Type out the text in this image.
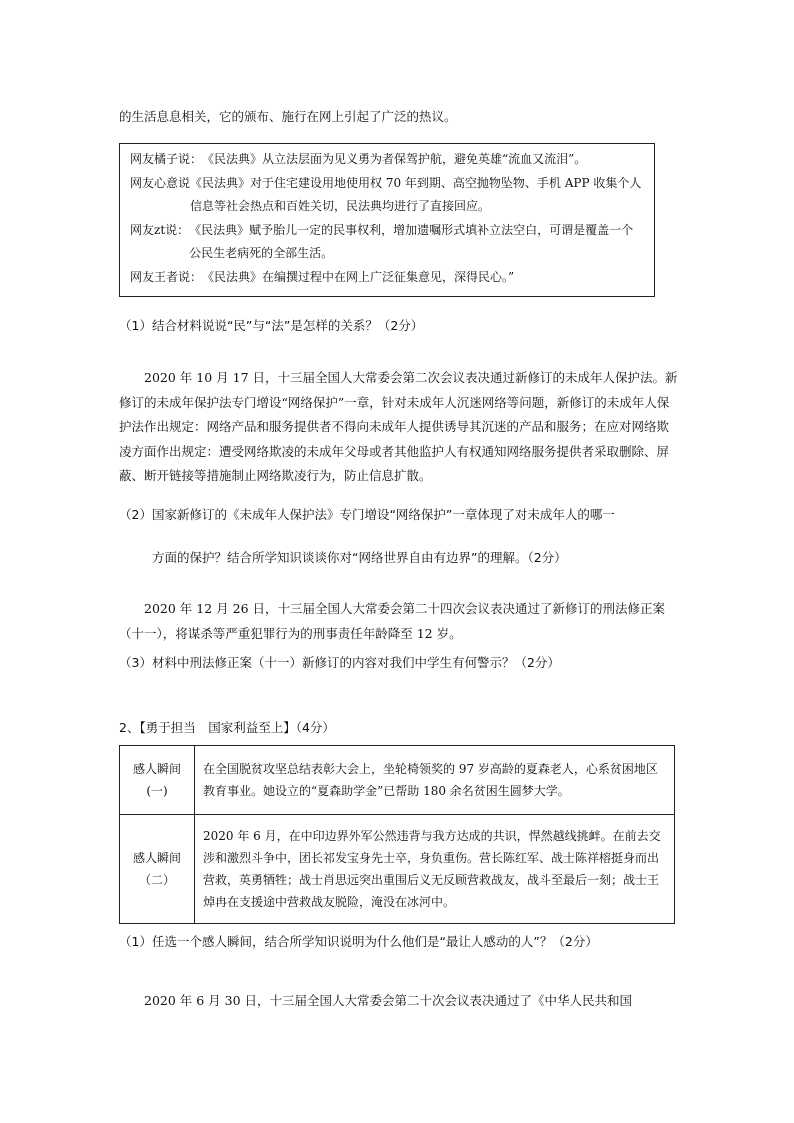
的生活息息相关，它的颁布、施行在网上引起了广泛的热议。

网友橘子说： 《民法典》从立法层面为见义勇为者保驾护航，避免英雄“流血又流泪”。
网友心意说 《民法典》对于住宅建设用地使用权 70 年到期、高空抛物坠物、手机 APP 收集个人信息等社会热点和百姓关切，民法典均进行了直接回应。
网友zt说： 《民法典》赋予胎儿一定的民事权利，增加遗嘱形式填补立法空白，可谓是覆盖一个公民生老病死的全部生活。
网友王者说： 《民法典》在编撰过程中在网上广泛征集意见，深得民心。”

（1）结合材料说说“民”与“法”是怎样的关系？（2分）

2020 年 10 月 17 日，十三届全国人大常委会第二次会议表决通过新修订的未成年人保护法。新修订的未成年保护法专门增设“网络保护”一章，针对未成年人沉迷网络等问题，新修订的未成年人保护法作出规定：网络产品和服务提供者不得向未成年人提供诱导其沉迷的产品和服务；在应对网络欺凌方面作出规定：遭受网络欺凌的未成年父母或者其他监护人有权通知网络服务提供者采取删除、屏蔽、断开链接等措施制止网络欺凌行为，防止信息扩散。

（2）国家新修订的《未成年人保护法》专门增设“网络保护”一章体现了对未成年人的哪一

方面的保护？结合所学知识谈谈你对“网络世界自由有边界”的理解。（2分）

2020 年 12 月 26 日，十三届全国人大常委会第二十四次会议表决通过了新修订的刑法修正案（十一），将谋杀等严重犯罪行为的刑事责任年龄降至 12 岁。

（3）材料中刑法修正案（十一）新修订的内容对我们中学生有何警示？（2分）

2、【勇于担当　国家利益至上】（4分）

感人瞬间
(一)	在全国脱贫攻坚总结表彰大会上，坐轮椅领奖的 97 岁高龄的夏森老人，心系贫困地区教育事业。她设立的“夏森助学金”已帮助 180 余名贫困生圆梦大学。

感人瞬间
（二）	2020 年 6 月，在中印边界外军公然违背与我方达成的共识，悍然越线挑衅。在前去交涉和激烈斗争中，团长祁发宝身先士卒，身负重伤。营长陈红军、战士陈祥榕挺身而出营救，英勇牺牲；战士肖思远突出重围后义无反顾营救战友，战斗至最后一刻；战士王焯冉在支援途中营救战友脱险，淹没在冰河中。

（1）任选一个感人瞬间，结合所学知识说明为什么他们是“最让人感动的人”？（2分）

2020 年 6 月 30 日，十三届全国人大常委会第二十次会议表决通过了《中华人民共和国
